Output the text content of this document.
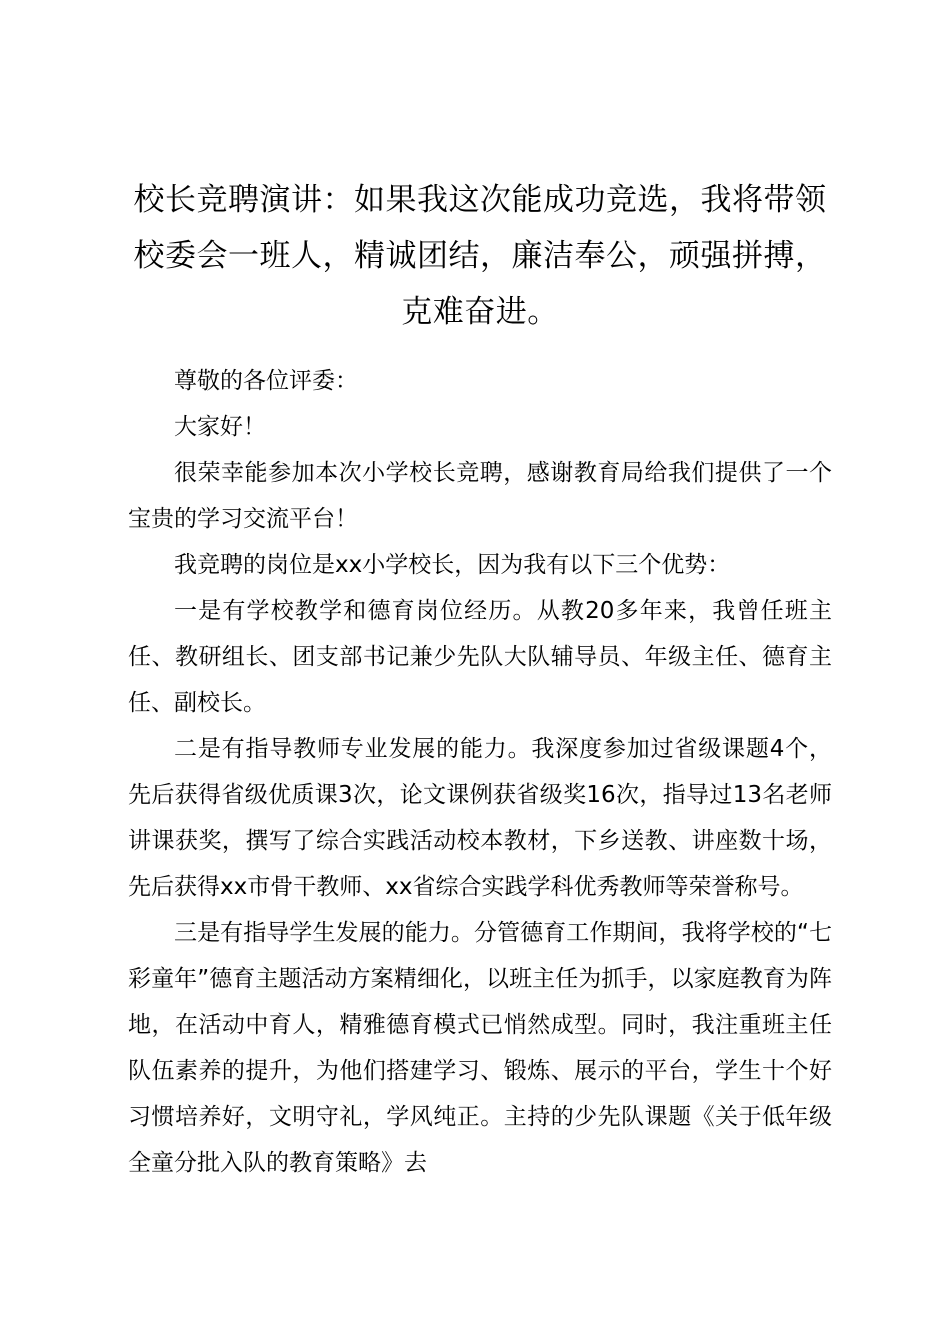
校长竞聘演讲：如果我这次能成功竞选，我将带领校委会一班人，精诚团结，廉洁奉公，顽强拼搏，克难奋进。

尊敬的各位评委：

大家好！

很荣幸能参加本次小学校长竞聘，感谢教育局给我们提供了一个宝贵的学习交流平台！

我竞聘的岗位是xx小学校长，因为我有以下三个优势：

一是有学校教学和德育岗位经历。从教20多年来，我曾任班主任、教研组长、团支部书记兼少先队大队辅导员、年级主任、德育主任、副校长。

二是有指导教师专业发展的能力。我深度参加过省级课题4个，先后获得省级优质课3次，论文课例获省级奖16次，指导过13名老师讲课获奖，撰写了综合实践活动校本教材，下乡送教、讲座数十场，先后获得xx市骨干教师、xx省综合实践学科优秀教师等荣誉称号。

三是有指导学生发展的能力。分管德育工作期间，我将学校的“七彩童年”德育主题活动方案精细化，以班主任为抓手，以家庭教育为阵地，在活动中育人，精雅德育模式已悄然成型。同时，我注重班主任队伍素养的提升，为他们搭建学习、锻炼、展示的平台，学生十个好习惯培养好，文明守礼，学风纯正。主持的少先队课题《关于低年级全童分批入队的教育策略》去
